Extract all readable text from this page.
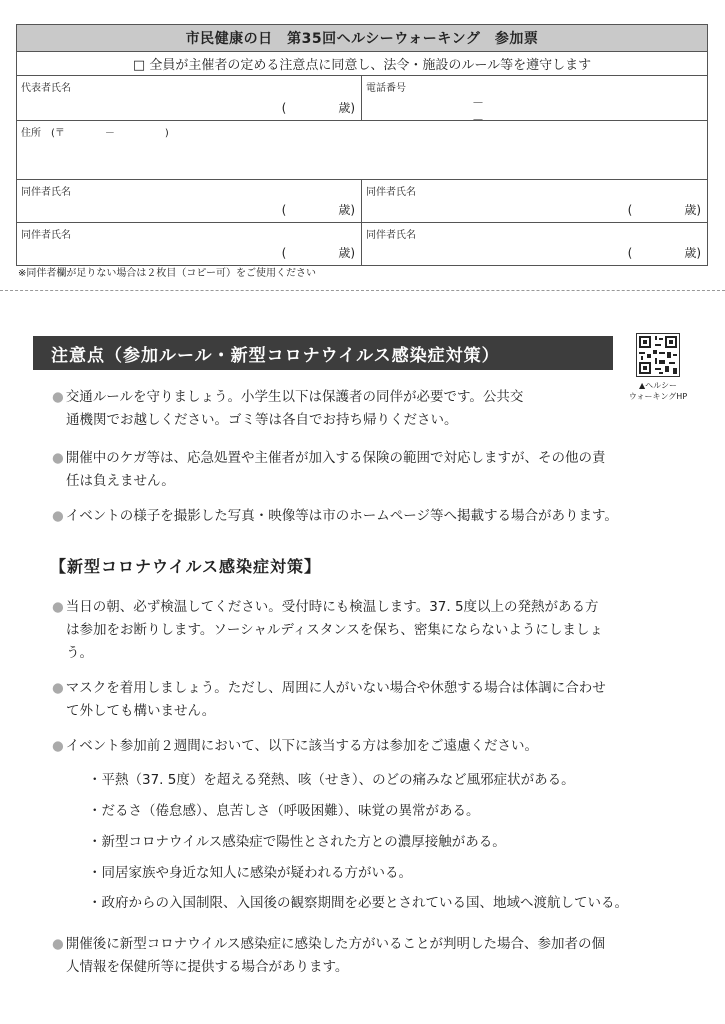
市民健康の日　第35回ヘルシーウォーキング　参加票
□ 全員が主催者の定める注意点に同意し、法令・施設のルール等を遵守します
代表者氏名
(	歳)
電話番号
－－
住所　(〒　　　　－　　　　　)
同伴者氏名
(	歳)
同伴者氏名
(	歳)
同伴者氏名
(	歳)
同伴者氏名
(	歳)
※同伴者欄が足りない場合は２枚目（コピー可）をご使用ください
注意点（参加ルール・新型コロナウイルス感染症対策）
▲ヘルシー
ウォーキングHP
● 交通ルールを守りましょう。小学生以下は保護者の同伴が必要です。公共交
通機関でお越しください。ゴミ等は各自でお持ち帰りください。
● 開催中のケガ等は、応急処置や主催者が加入する保険の範囲で対応しますが、その他の責
任は負えません。
● イベントの様子を撮影した写真・映像等は市のホームページ等へ掲載する場合があります。
【新型コロナウイルス感染症対策】
● 当日の朝、必ず検温してください。受付時にも検温します。37. 5度以上の発熱がある方
は参加をお断りします。ソーシャルディスタンスを保ち、密集にならないようにしましょ
う。
● マスクを着用しましょう。ただし、周囲に人がいない場合や休憩する場合は体調に合わせ
て外しても構いません。
● イベント参加前２週間において、以下に該当する方は参加をご遠慮ください。
・平熱（37. 5度）を超える発熱、咳（せき）、のどの痛みなど風邪症状がある。
・だるさ（倦怠感）、息苦しさ（呼吸困難）、味覚の異常がある。
・新型コロナウイルス感染症で陽性とされた方との濃厚接触がある。
・同居家族や身近な知人に感染が疑われる方がいる。
・政府からの入国制限、入国後の観察期間を必要とされている国、地域へ渡航している。
● 開催後に新型コロナウイルス感染症に感染した方がいることが判明した場合、参加者の個
人情報を保健所等に提供する場合があります。
